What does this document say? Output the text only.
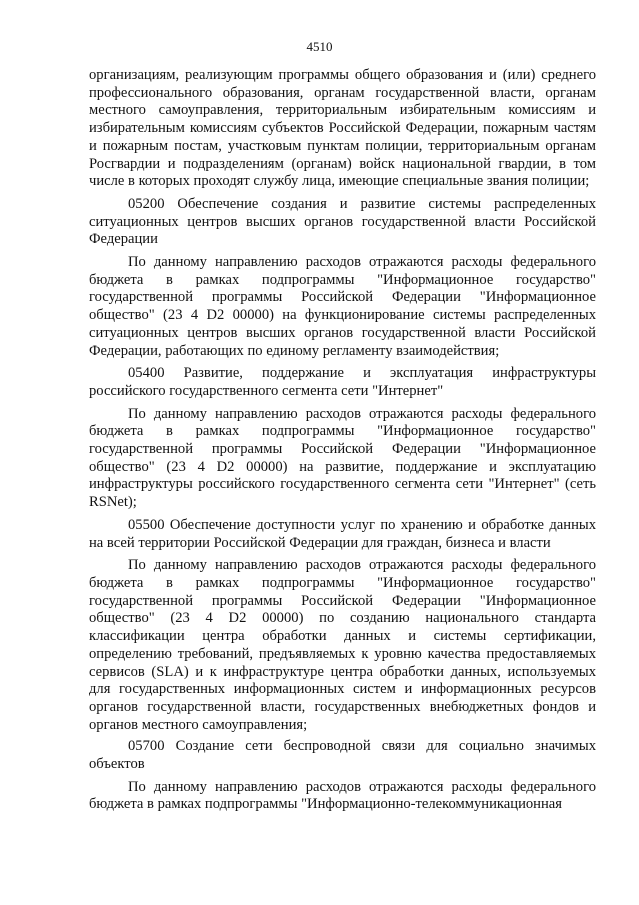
4510

организациям, реализующим программы общего образования и (или) среднего профессионального образования, органам государственной власти, органам местного самоуправления, территориальным избирательным комиссиям и избирательным комиссиям субъектов Российской Федерации, пожарным частям и пожарным постам, участковым пунктам полиции, территориальным органам Росгвардии и подразделениям (органам) войск национальной гвардии, в том числе в которых проходят службу лица, имеющие специальные звания полиции;

05200 Обеспечение создания и развитие системы распределенных ситуационных центров высших органов государственной власти Российской Федерации

По данному направлению расходов отражаются расходы федерального бюджета в рамках подпрограммы "Информационное государство" государственной программы Российской Федерации "Информационное общество" (23 4 D2 00000) на функционирование системы распределенных ситуационных центров высших органов государственной власти Российской Федерации, работающих по единому регламенту взаимодействия;

05400 Развитие, поддержание и эксплуатация инфраструктуры российского государственного сегмента сети "Интернет"

По данному направлению расходов отражаются расходы федерального бюджета в рамках подпрограммы "Информационное государство" государственной программы Российской Федерации "Информационное общество" (23 4 D2 00000) на развитие, поддержание и эксплуатацию инфраструктуры российского государственного сегмента сети "Интернет" (сеть RSNet);

05500 Обеспечение доступности услуг по хранению и обработке данных на всей территории Российской Федерации для граждан, бизнеса и власти

По данному направлению расходов отражаются расходы федерального бюджета в рамках подпрограммы "Информационное государство" государственной программы Российской Федерации "Информационное общество" (23 4 D2 00000) по созданию национального стандарта классификации центра обработки данных и системы сертификации, определению требований, предъявляемых к уровню качества предоставляемых сервисов (SLA) и к инфраструктуре центра обработки данных, используемых для государственных информационных систем и информационных ресурсов органов государственной власти, государственных внебюджетных фондов и органов местного самоуправления;

05700 Создание сети беспроводной связи для социально значимых объектов

По данному направлению расходов отражаются расходы федерального бюджета в рамках подпрограммы "Информационно-телекоммуникационная
